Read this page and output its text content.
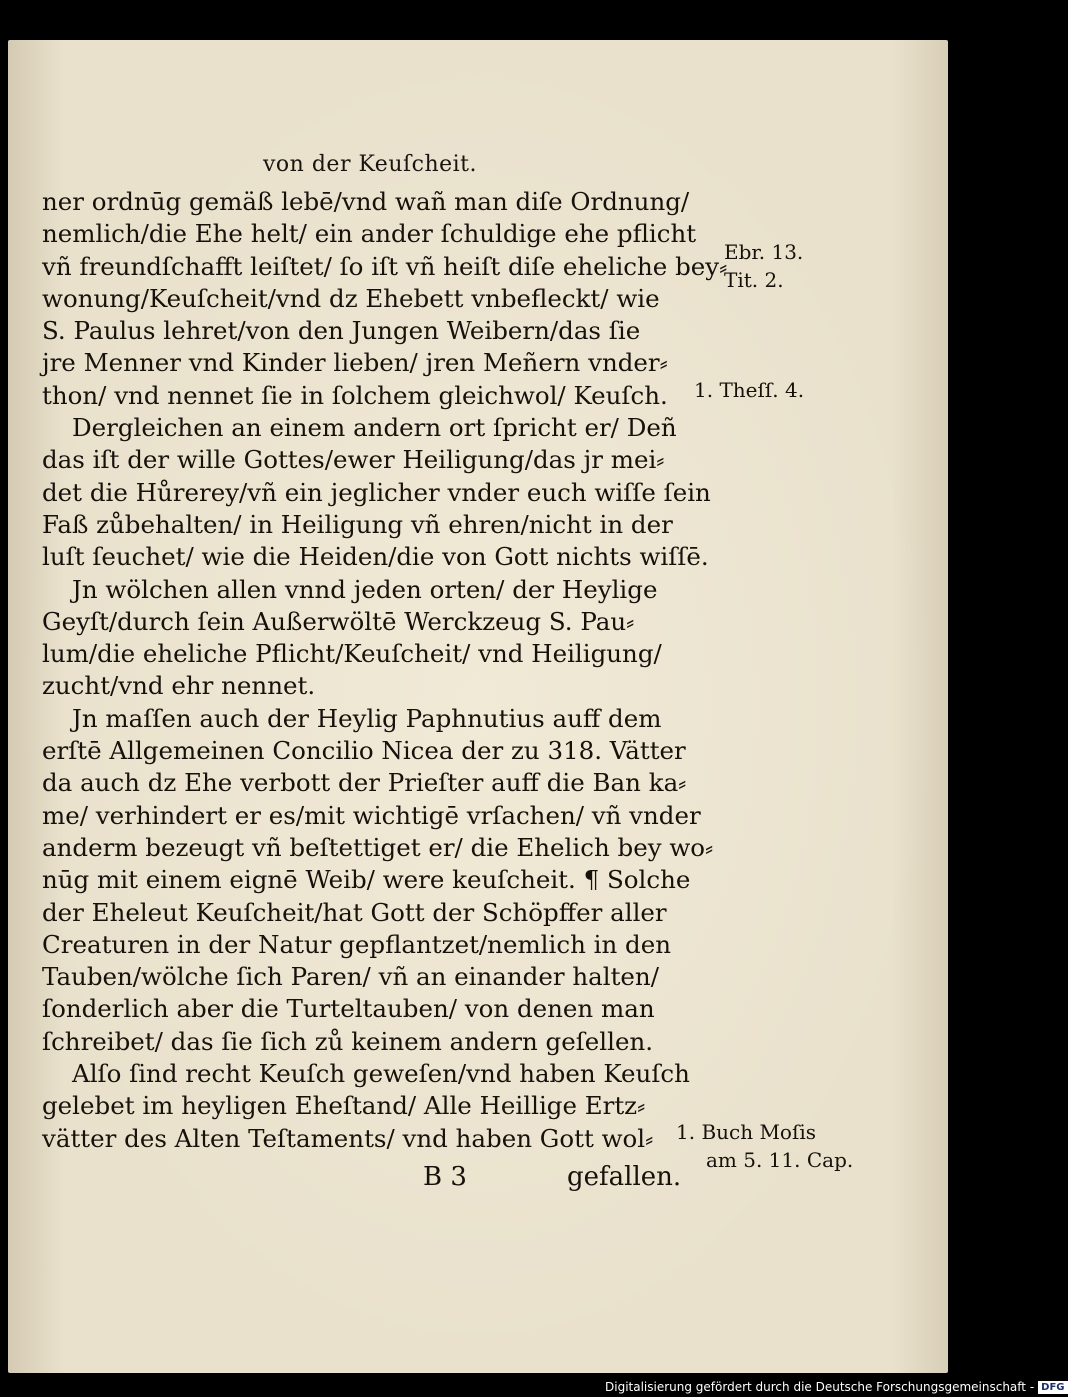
von der Keuſcheit.
ner ordnūg gemäß lebē/vnd wañ man diſe Ordnung/
nemlich/die Ehe helt/ ein ander ſchuldige ehe pflicht
vñ freundſchafft leiſtet/ ſo iſt vñ heiſt diſe eheliche bey⸗
wonung/Keuſcheit/vnd dz Ehebett vnbefleckt/ wie
S. Paulus lehret/von den Jungen Weibern/das ſie
jre Menner vnd Kinder lieben/ jren Meñern vnder⸗
thon/ vnd nennet ſie in ſolchem gleichwol/ Keuſch.
Dergleichen an einem andern ort ſpricht er/ Deñ
das iſt der wille Gottes/ewer Heiligung/das jr mei⸗
det die Hůrerey/vñ ein jeglicher vnder euch wiſſe ſein
Faß zůbehalten/ in Heiligung vñ ehren/nicht in der
luſt ſeuchet/ wie die Heiden/die von Gott nichts wiſſē.
Jn wölchen allen vnnd jeden orten/ der Heylige
Geyſt/durch ſein Außerwöltē Werckzeug S. Pau⸗
lum/die eheliche Pflicht/Keuſcheit/ vnd Heiligung/
zucht/vnd ehr nennet.
Jn maſſen auch der Heylig Paphnutius auff dem
erſtē Allgemeinen Concilio Nicea der zu 318. Vätter
da auch dz Ehe verbott der Prieſter auff die Ban ka⸗
me/ verhindert er es/mit wichtigē vrſachen/ vñ vnder
anderm bezeugt vñ beſtettiget er/ die Ehelich bey wo⸗
nūg mit einem eignē Weib/ were keuſcheit. ¶ Solche
der Eheleut Keuſcheit/hat Gott der Schöpffer aller
Creaturen in der Natur gepflantzet/nemlich in den
Tauben/wölche ſich Paren/ vñ an einander halten/
ſonderlich aber die Turteltauben/ von denen man
ſchreibet/ das ſie ſich zů keinem andern geſellen.
Alſo ſind recht Keuſch geweſen/vnd haben Keuſch
gelebet im heyligen Eheſtand/ Alle Heillige Ertz⸗
vätter des Alten Teſtaments/ vnd haben Gott wol⸗
Ebr. 13.
Tit. 2.
1. Theſſ. 4.
1. Buch Moſis
am 5. 11. Cap.
B 3	gefallen.
Digitalisierung gefördert durch die Deutsche Forschungsgemeinschaft - DFG
